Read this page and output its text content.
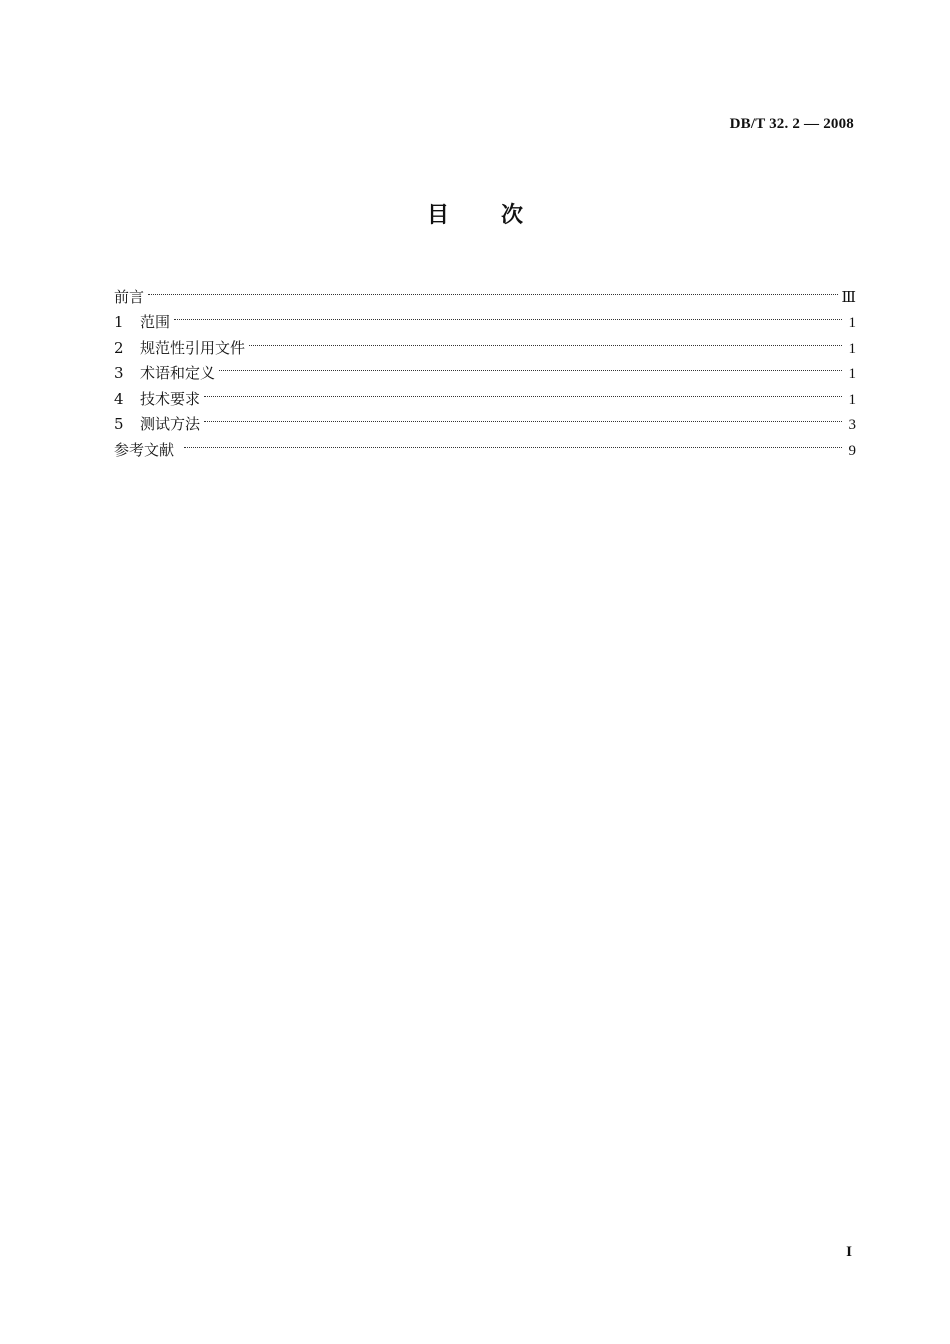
DB/T 32. 2 — 2008
目次
前言	Ⅲ
1	范围	1
2	规范性引用文件	1
3	术语和定义	1
4	技术要求	1
5	测试方法	3
参考文献	9
I
